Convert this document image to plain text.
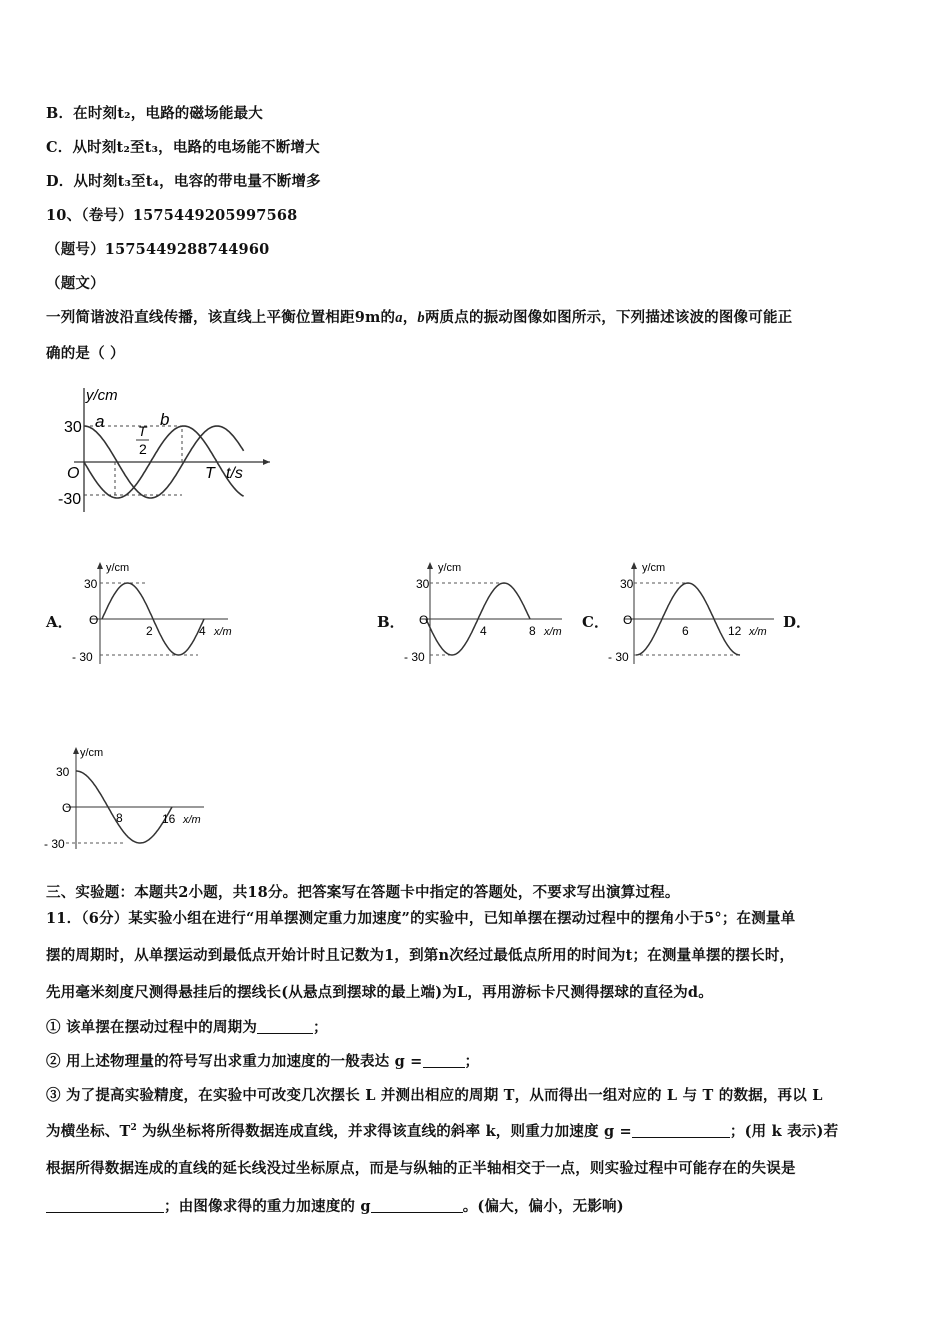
B．在时刻t₂，电路的磁场能最大
C．从时刻t₂至t₃，电路的电场能不断增大
D．从时刻t₃至t₄，电容的带电量不断增多
10、（卷号）1575449205997568
（题号）1575449288744960
（题文）
一列简谐波沿直线传播，该直线上平衡位置相距9m的a，b两质点的振动图像如图所示，下列描述该波的图像可能正
确的是（ ）
y/cm
30
-30
O
a	b
T
2
T t/s
A．	B．	C．	D．
y/cm
30
- 30
O
2	4 x/m
y/cm
30
- 30
O
4	8 x/m
y/cm
30
- 30
O
6	12 x/m
y/cm
30
- 30
O
8	16 x/m
三、实验题：本题共2小题，共18分。把答案写在答题卡中指定的答题处，不要求写出演算过程。
11．（6分）某实验小组在进行“用单摆测定重力加速度”的实验中，已知单摆在摆动过程中的摆角小于5°；在测量单
摆的周期时，从单摆运动到最低点开始计时且记数为1，到第n次经过最低点所用的时间为t；在测量单摆的摆长时，
先用毫米刻度尺测得悬挂后的摆线长(从悬点到摆球的最上端)为L，再用游标卡尺测得摆球的直径为d。
① 该单摆在摆动过程中的周期为	；
② 用上述物理量的符号写出求重力加速度的一般表达 g =	；
③ 为了提高实验精度，在实验中可改变几次摆长 L 并测出相应的周期 T，从而得出一组对应的 L 与 T 的数据，再以 L
为横坐标、$T^2$ 为纵坐标将所得数据连成直线，并求得该直线的斜率 k，则重力加速度 g =	；(用 k 表示)若
根据所得数据连成的直线的延长线没过坐标原点，而是与纵轴的正半轴相交于一点，则实验过程中可能存在的失误是
；由图像求得的重力加速度的 g	。(偏大，偏小，无影响)
